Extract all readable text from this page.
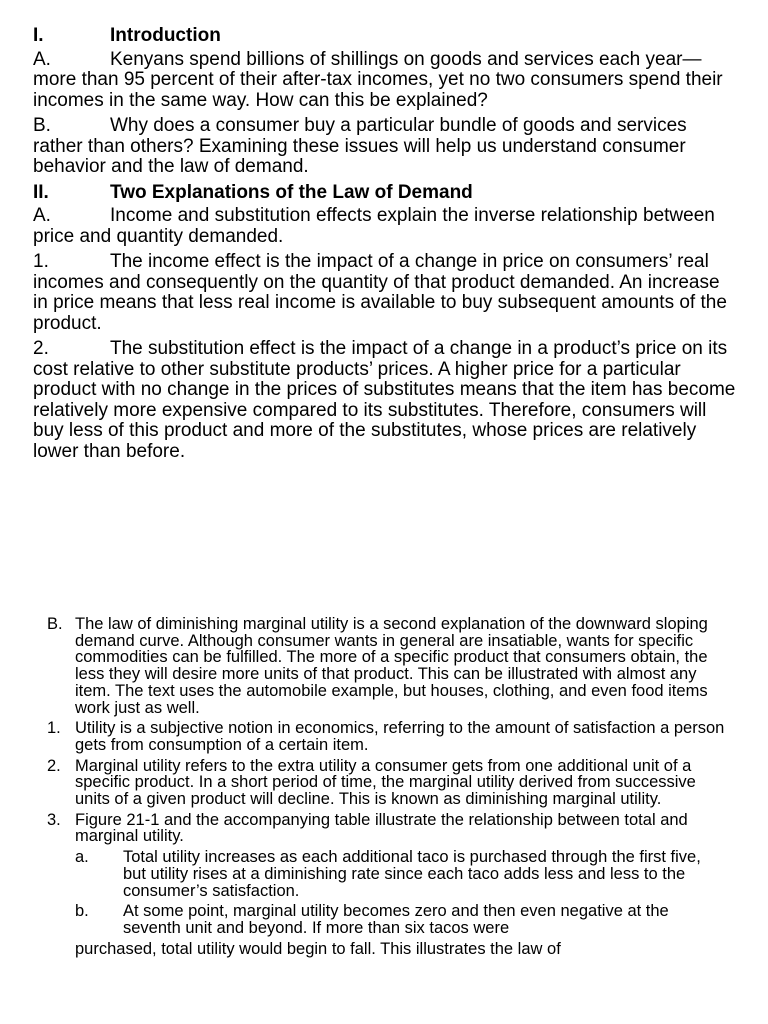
I.	Introduction
A.	Kenyans spend billions of shillings on goods and services each year—more than 95 percent of their after-tax incomes, yet no two consumers spend their incomes in the same way. How can this be explained?
B.	Why does a consumer buy a particular bundle of goods and services rather than others? Examining these issues will help us understand consumer behavior and the law of demand.
II.	Two Explanations of the Law of Demand
A.	Income and substitution effects explain the inverse relationship between price and quantity demanded.
1.	The income effect is the impact of a change in price on consumers’ real incomes and consequently on the quantity of that product demanded. An increase in price means that less real income is available to buy subsequent amounts of the product.
2.	The substitution effect is the impact of a change in a product’s price on its cost relative to other substitute products’ prices. A higher price for a particular product with no change in the prices of substitutes means that the item has become relatively more expensive compared to its substitutes. Therefore, consumers will buy less of this product and more of the substitutes, whose prices are relatively lower than before.
B. The law of diminishing marginal utility is a second explanation of the downward sloping demand curve. Although consumer wants in general are insatiable, wants for specific commodities can be fulfilled. The more of a specific product that consumers obtain, the less they will desire more units of that product. This can be illustrated with almost any item. The text uses the automobile example, but houses, clothing, and even food items work just as well.
1. Utility is a subjective notion in economics, referring to the amount of satisfaction a person gets from consumption of a certain item.
2. Marginal utility refers to the extra utility a consumer gets from one additional unit of a specific product. In a short period of time, the marginal utility derived from successive units of a given product will decline. This is known as diminishing marginal utility.
3. Figure 21-1 and the accompanying table illustrate the relationship between total and marginal utility.
a. Total utility increases as each additional taco is purchased through the first five, but utility rises at a diminishing rate since each taco adds less and less to the consumer’s satisfaction.
b. At some point, marginal utility becomes zero and then even negative at the seventh unit and beyond. If more than six tacos were
purchased, total utility would begin to fall. This illustrates the law of
